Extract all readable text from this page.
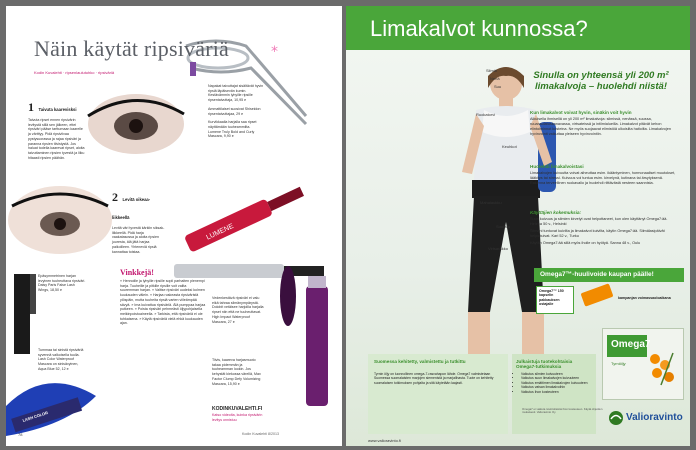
LUMENE
*

Näin käytät ripsiväriä

Kodin Kuvalehti · ripsenlaulutuhko · ripsiväriä

1 Taivuta kaarevisksi

Taivuta ripset ennen ripsivärin levitystä sillä sen jälkeen, ettei ripsiväri pääse tarttumaan kaarelle ja värittyy. Pidä ripsiviivaa pystysuorassa ja rajaa ripsiväri ja paranna ripsien tiivistystä. Jos haluat todella kaarevat ripset, aloita taivuttaminen ripsien tyvestä ja liiku hitaasti ripsien päähän.

Napakat taivuttajat sisältävät hyvin ripsiä läpäisevän kumin. Kestävämmin lyhyille ripsille ripsentaivuttaja, 10,95 e

Ammattilaiset suosivat Shiseidon ripsentaivuttajaa, 29 e

Kurvikkaalla harjalla saa ripset näyttämään tuuheammilta. Lumene Truly Bold and Curly Mascara, 9,90 e

2 Levitä oikeaa-liikkeellä

Levitä väri tyvestä kärkiin siksak-liikkeellä. Pidä harja vaakatasossa ja aloita ripsien juuresta, älä jätä harjaa paikoilleen. Yhteneviä ripsiä kannattaa toistaa.

Vinkkejä!

» Hennoille ja lyhyille ripsille sopii parhaiten pienempi harja. Tuuheille ja pitkille ripsille voit valita suuremman harjan. » Valitse ripsiväri uudeksi kolmen kuukauden välein. » Harjaa ruskeasta ripsiväristä ylöspäin, mutta tuuheita ripsiä varten viileämpää sävyä. » Ima kuivattua ripsiväriä. Älä pumppaa harjaa putkeen. » Poista ripsiväri pehmeästi öljypohjaisella meikinpoistoaineella. » Tarkista, että ripsiväriä ei ole tuhkaisena. » Käytä ripsiväriä vielä ehkä kuukauden ajan.

Epäsymmetrinen harjan levyinen tuuheuttava ripsiväri. Daisy Paris False Lash Wings, 18,50 e

Tummaa tai sinistä ripsiväriä syvennä valkoisella tuulla. Lash Color Waterproof Mascara on sinisävyinen, Aqua Blue 52, 12 e

Vedenkestävä ripsiväri ei valu eikä tahraa silmänympärystä. Dolobit vetäisee harjoilla harjalla ripset niin että ne tuuheuttavat. High Impact Waterproof Mascara, 27 e

Tiivis, kaareva harjasmuoto takaa pidemmän ja tuuheamman lookin. Jos kehystät kiekossa värellä, Max Factor Clump Defy Volumizing Mascara, 15,90 e

KODINKUVALEHTI.FI

Katso videolta, kuinka ripsivärin levitys onnistuu

78	Kodin Kuvalehti 8/2013

LASH COLOR

Limakalvot kunnossa?

Silmät

Nenä

Suu

Ruokatorvi

Keuhkot

Mahalaukku

Suolisto

Virtsarakko

Sinulla on yhteensä yli 200 m² limakalvoja – huolehdi niistä!

Kun limakalvot voivat hyvin, sinäkin voit hyvin

Aikuisella ihmisellä on yli 200 m² limakalvoja: silmissä, nenässä, suussa, ruuansulatuskanavassa, virtsateissä ja intiimialueilla. Limakalvot pitävät kehon elintoiminnot kosteina. Ne myös suojaavat elimistöä ulkoisilta haitoilta. Limakalvojen hyvinvointi vaikuttaa yleiseen hyvinvointiin.

Huolehdi limakalvoistasi

Limakalvojen kuivuutta voivat aiheuttaa esim. ikääntyminen, hormonaaliset muutokset, lääkitys tai stressi. Kuivuus voi tuntua esim. kirvelynä, kutinana tai ärsytyksenä. Rakenna terveellinen ruokavalio ja huolehdi riittävästä nesteen saannista.

Käyttäjien kokemuksia:

Suun kuivuus ja silmien kirvelyt ovat helpottaneet, kun olen käyttänyt Omega7:ää. Helena 50 v., Helsinki

Silmäni tuntuvat kuivilta ja limakalvot kuivilta, käytin Omega7:ää. Silmälasipäivät helpottuivat. Kari 52 v., Turku

Käytän Omega7:ää sillä myös iholle on hyötyä. Sanna 48 v., Oulu

Omega7™-huulivoide kaupan päälle!

Omega7™ 150 kapselin pakkauksen ostajalle

kampanjan voimassaoloaikana

Suomessa kehitetty, valmistettu ja tutkittu

Tyrnin öljy on luonnollinen omega-7-rasvahapon lähde. Omega7 valmistetaan Suomessa suomalaisten marjojen siemenistä ja marjalihasta. Tuote on kehitetty suomalaisen tutkimuksen pohjalta ja sitä käytetään laajasti.

Julkaistuja tuotekohtaisia Omega7-tutkimuksia

• Vaikutus silmien kuivuuteen
• Vaikutus suun limakalvojen kuivuuteen
• Vaikutus emättimen limakalvojen kuivuuteen
• Vaikutus vatsan limakalvoihin
• Vaikutus ihon kosteuteen

Omega7

Tyrniöljy

www.valioravinto.fi

Omega7 ei vaikuta ravintolisänä ihon kosteuteen. Käytä ohjeiden mukaisesti. Valioravinto Oy.	Valioravinto
